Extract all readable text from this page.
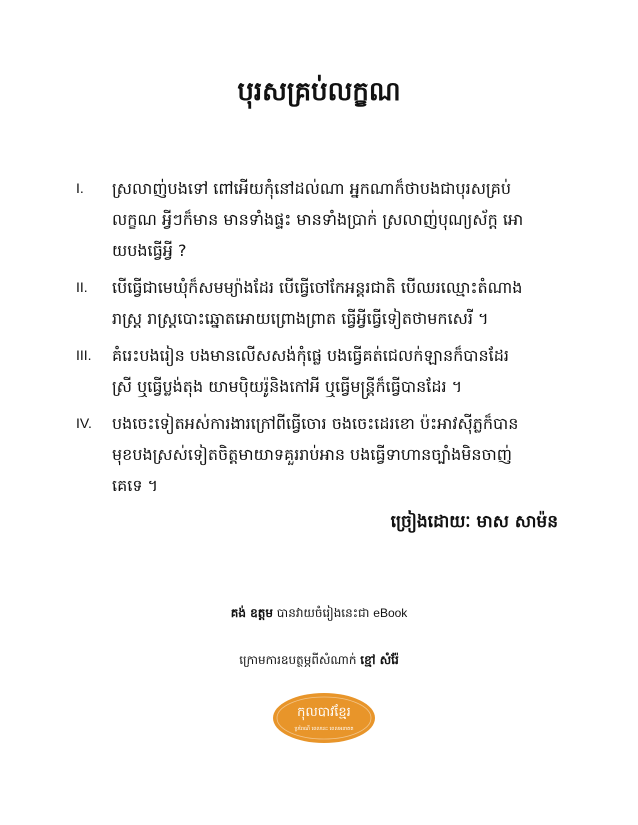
បុរសគ្រប់លក្ខណ
I.	ស្រលាញ់បងទៅ ពៅអើយកុំនៅដល់ណា អ្នកណាក៏ថាបងជាបុរសគ្រប់
លក្ខណ អ្វីៗក៏មាន មានទាំងផ្ទះ មានទាំងប្រាក់ ស្រលាញ់បុណ្យស័ក្ត អោ
យបងធ្វើអ្វី ?
II.	បើធ្វើជាមេឃុំក៏សមម្យ៉ាងដែរ បើធ្វើចៅកែអន្តរជាតិ បើឈរឈ្មោះតំណាង
រាស្ត្រ រាស្ត្របោះឆ្នោតអោយព្រោងព្រាត ធ្វើអ្វីធ្វើទៀតថាមកសេរី ។
III.	គំរេះបងរៀន បងមានលើសសង់កុំផ្លេ បងធ្វើគត់ជេលក់ឡានក៏បានដែរ
ស្រី ឬធ្វើប្លង់តុង យាមប៉ិយរ៉ូនិងកៅអី ឬធ្វើមន្ត្រីក៏ធ្វើបានដែរ ។
IV.	បងចេះទៀតអស់ការងារក្រៅពីធ្វើចោរ ចងចេះដេរខោ ប៉ះអាវស៊ីភ្លក៏បាន
មុខបងស្រស់ទៀតចិត្តមាយាទគួររាប់អាន បងធ្វើទាហានច្បាំងមិនចាញ់
គេទេ ។
ច្រៀងដោយៈ មាស សាម៉ន
គង់ ឧត្តម បានវាយចំរៀងនេះជា eBook
ក្រោមការឧបត្ថម្ភពីសំណាក់ ខ្មៅ សំរ៉ែ
កុលបាវខ្មែរ
ប្រពៃណី ពេលនេះ ពេលអនាគត
